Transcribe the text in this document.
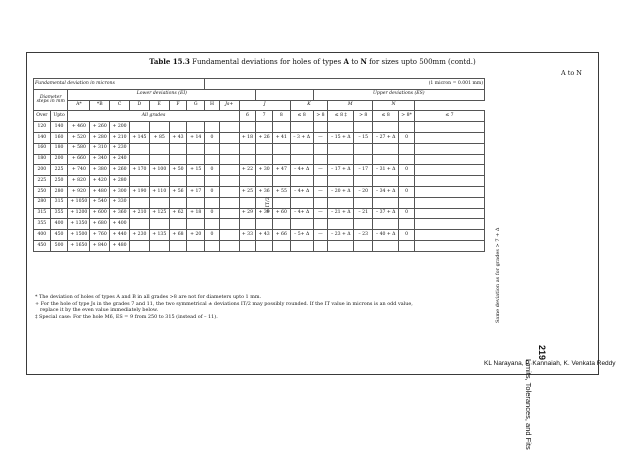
Table 15.3 Fundamental deviations for holes of types A to N for sizes upto 500mm (contd.)
A to N
Fundamental deviation in microns									(1 micron = 0.001 mm)											
Diameter steps in mm		Lower deviations (EI)													Upper deviations (ES)					
		A*	*B	C	D	E	F	G	H	Js+	J			K		M		N		
Over	Upto	All grades									6	7	8	≤ 8	> 8	≤ 8 ‡	> 8	≤ 8	> 8*	≤ 7
120	140	+ 460	+ 260	+ 200																
140	160	+ 520	+ 280	+ 210	+ 145	+ 85	+ 43	+ 14	0		+ 18	+ 26	+ 41	– 3 + Δ	—	– 15 + Δ	– 15	– 27 + Δ	0	
160	180	+ 580	+ 310	+ 230																
180	200	+ 660	+ 340	+ 240																
200	225	+ 740	+ 380	+ 260	+ 170	+ 100	+ 50	+ 15	0		+ 22	+ 30	+ 47	– 4+ Δ	—	– 17 + Δ	– 17	– 31 + Δ	0	
225	250	+ 820	+ 420	+ 280																
250	280	+ 920	+ 480	+ 300	+ 190	+ 110	+ 56	+ 17	0		+ 25	+ 36	+ 55	– 4+ Δ	—	– 20 + Δ	– 20	– 34 + Δ	0	
280	315	+ 1050	+ 540	+ 330																
315	355	+ 1200	+ 600	+ 360	+ 210	+ 125	+ 62	+ 18	0		+ 29	+ 39	+ 60	– 4+ Δ	—	– 21 + Δ	– 21	– 37 + Δ	0	
355	400	+ 1350	+ 680	+ 400																
400	450	+ 1500	+ 760	+ 440	+ 230	+ 135	+ 68	+ 20	0		+ 33	+ 43	+ 66	– 5+ Δ	—	– 23 + Δ	– 23	– 40 + Δ	0	
450	500	+ 1650	+ 840	+ 480																
± IT/2
Same deviation as for grades > 7 + Δ
Limits, Tolerances, and Fits
219

* The deviation of holes of types A and B in all grades >8 are not for diameters upto 1 mm.

+ For the hole of type Js in the grades 7 and 11, the two symmetrical ± deviations IT/2 may possibly rounded. If the IT value in microns is an odd value,

replace it by the even value immediately below.

‡ Special case: For the hole M6, ES = 9 from 250 to 315 (instead of – 11).

KL Narayana, P. Kannaiah, K. Venkata Reddy
